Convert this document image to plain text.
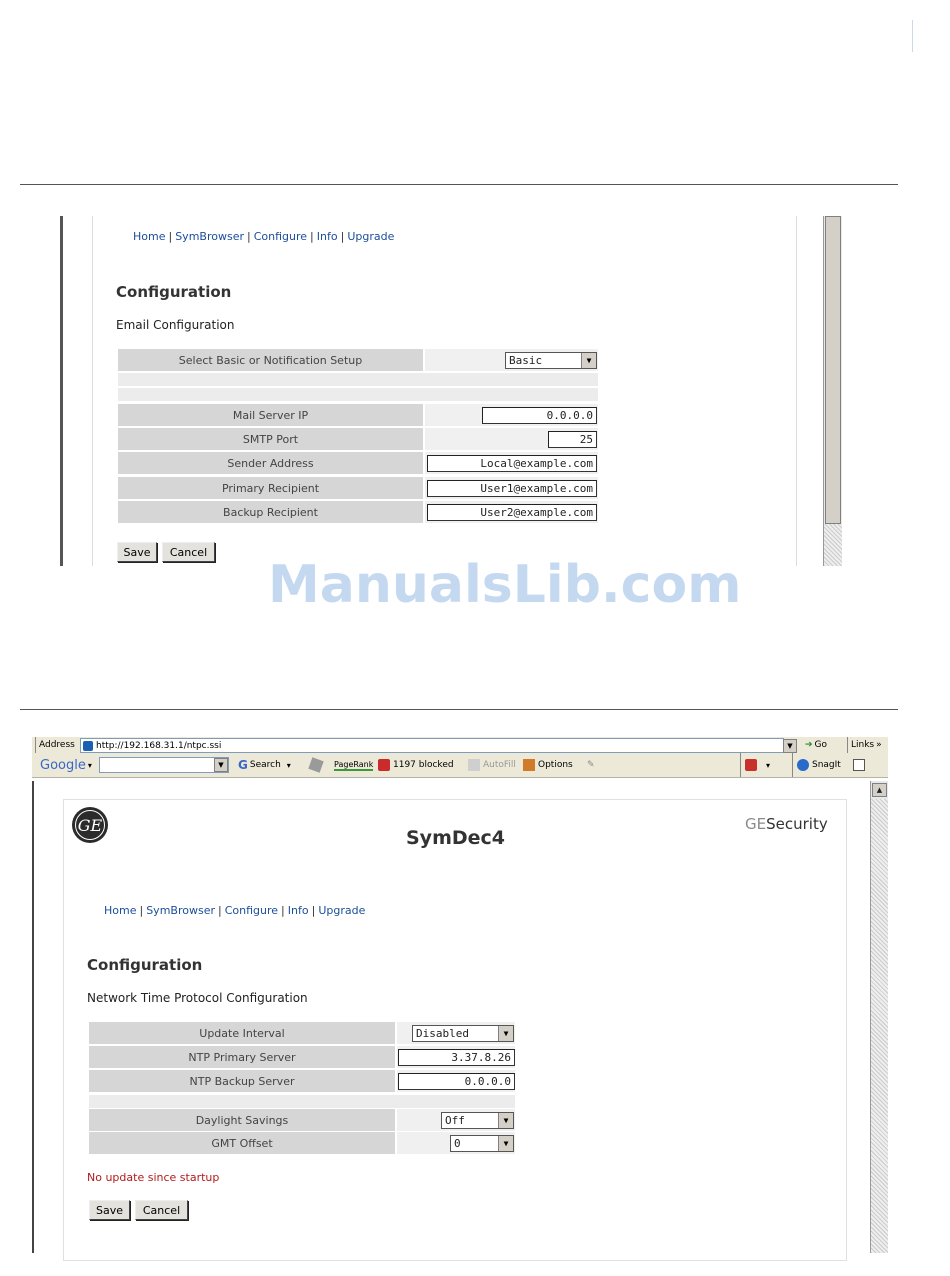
Home | SymBrowser | Configure | Info | Upgrade
Configuration
Email Configuration
Select Basic or Notification Setup	Basic	▼
Mail Server IP	0.0.0.0
SMTP Port	25
Sender Address	Local@example.com
Primary Recipient	User1@example.com
Backup Recipient	User2@example.com
Save	Cancel
ManualsLib.com
Address http://192.168.31.1/ntpc.ssi	▼	➔ Go	Links »
Google ▾	▼	G Search ▾	PageRank 1197 blocked	AutoFill Options ✎	▾	SnagIt
▲
GE
SymDec4
GESecurity
Home | SymBrowser | Configure | Info | Upgrade
Configuration
Network Time Protocol Configuration
Update Interval	Disabled	▼
NTP Primary Server	3.37.8.26
NTP Backup Server	0.0.0.0
Daylight Savings	Off	▼
GMT Offset	0	▼
No update since startup
Save	Cancel
